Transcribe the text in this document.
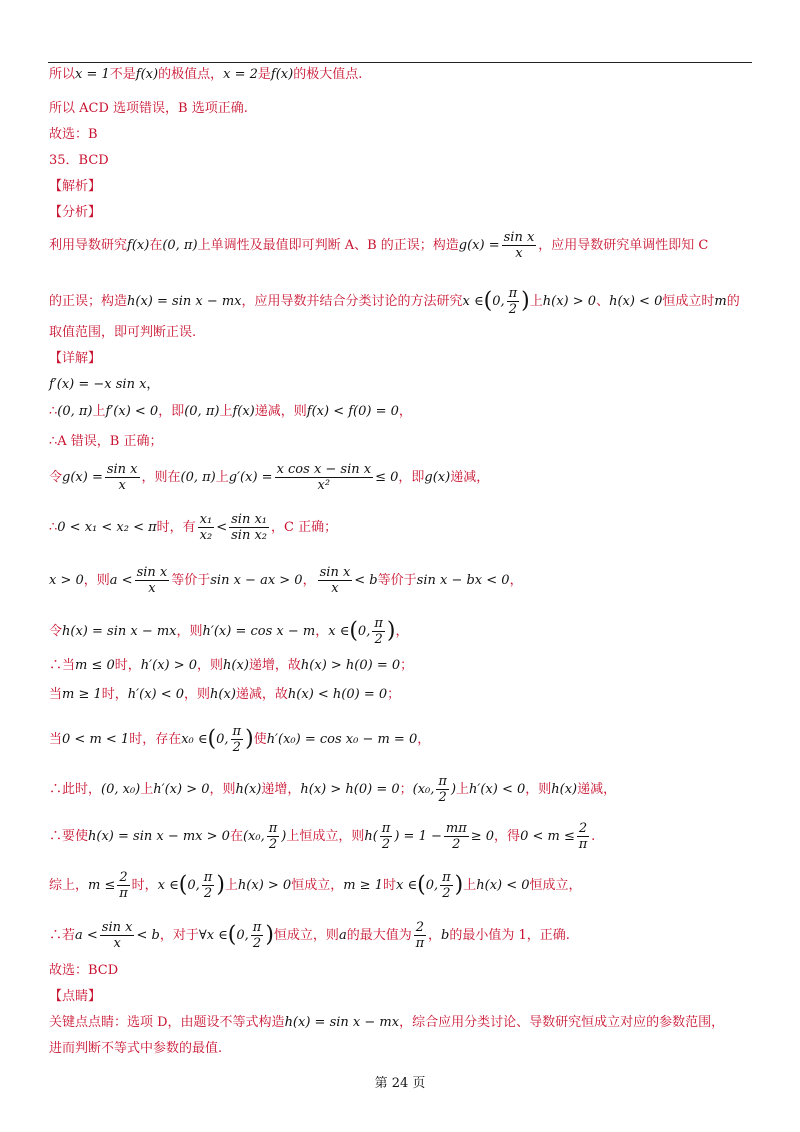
所以x = 1不是f(x)的极值点，x = 2是f(x)的极大值点.
所以 ACD 选项错误，B 选项正确.
故选：B
35．BCD
【解析】
【分析】
利用导数研究f(x)在(0, π)上单调性及最值即可判断 A、B 的正误；构造$g(x) = \frac{\text{sin x}}{x}$ ，应用导数研究单调性即知 C
的正误；构造h(x) = sin x − mx，应用导数并结合分类讨论的方法研究x ∈(0, $\frac{\pi}{2}$ )上h(x) > 0、h(x) < 0恒成立时m的
取值范围，即可判断正误.
【详解】
f′(x) = −x sin x，
∴(0, π)上f′(x) < 0，即(0, π)上f(x)递减，则f(x) < f(0) = 0，
∴A 错误，B 正确；
令$g(x) = \frac{\text{sin x}}{x}$ ，则在(0, π)上$g'(x) = \frac{\text{x cos x − sin x}}{\text{x²}} \le 0$，即g(x)递减，
∴0 < x₁ < x₂ < π时，有 $\frac{\text{x₁}}{\text{x₂}} < \frac{\text{sin x₁}}{\text{sin x₂}}$ ，C 正确；
x > 0，则$a < \frac{\text{sin x}}{x}$ 等价于sin x − ax > 0， $\frac{\text{sin x}}{x} < b$等价于sin x − bx < 0，
令h(x) = sin x − mx，则h′(x) = cos x − m，x ∈(0, $\frac{\pi}{2}$ )，
∴当m ≤ 0时，h′(x) > 0，则h(x)递增，故h(x) > h(0) = 0；
当m ≥ 1时，h′(x) < 0，则h(x)递减，故h(x) < h(0) = 0；
当0 < m < 1时，存在x₀ ∈(0, $\frac{\pi}{2}$ )使h′(x₀) = cos x₀ − m = 0，
∴此时，(0, x₀)上h′(x) > 0，则h(x)递增，h(x) > h(0) = 0；(x₀, $\frac{\pi}{2}$ )上h′(x) < 0，则h(x)递减，
∴要使h(x) = sin x − mx > 0在(x₀, $\frac{\pi}{2}$ )上恒成立，则$h( \frac{\pi}{2}$ ) = $1 - \frac{m\pi}{2} \ge 0$，得$0 < m \le \frac{2}{\pi}$ .
综上，$m \le \frac{2}{\pi}$ 时，x ∈(0, $\frac{\pi}{2}$ )上h(x) > 0恒成立，m ≥ 1时x ∈(0, $\frac{\pi}{2}$ )上h(x) < 0恒成立，
∴若$a < \frac{\text{sin x}}{x} < b$，对于∀x ∈(0, $\frac{\pi}{2}$ )恒成立，则a的最大值为 $\frac{2}{\pi}$ ，b的最小值为 1，正确.
故选：BCD
【点睛】
关键点点睛：选项 D，由题设不等式构造h(x) = sin x − mx，综合应用分类讨论、导数研究恒成立对应的参数范围，
进而判断不等式中参数的最值.
第 24 页
